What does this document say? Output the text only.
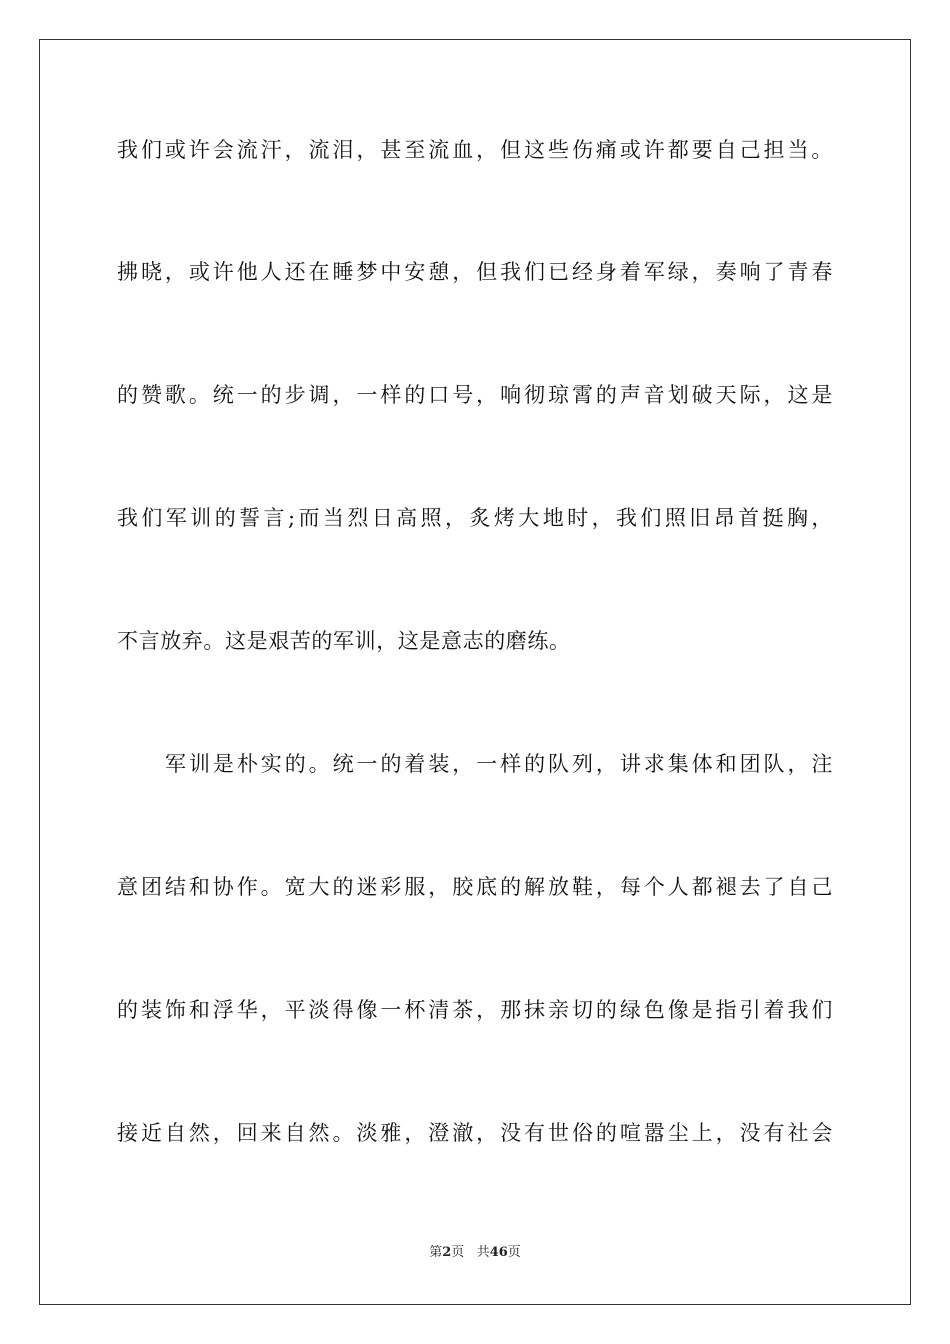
我们或许会流汗，流泪，甚至流血，但这些伤痛或许都要自己担当。
拂晓，或许他人还在睡梦中安憩，但我们已经身着军绿，奏响了青春
的赞歌。统一的步调，一样的口号，响彻琼霄的声音划破天际，这是
我们军训的誓言;而当烈日高照，炙烤大地时，我们照旧昂首挺胸，
不言放弃。这是艰苦的军训，这是意志的磨练。
军训是朴实的。统一的着装，一样的队列，讲求集体和团队，注
意团结和协作。宽大的迷彩服，胶底的解放鞋，每个人都褪去了自己
的装饰和浮华，平淡得像一杯清茶，那抹亲切的绿色像是指引着我们
接近自然，回来自然。淡雅，澄澈，没有世俗的喧嚣尘上，没有社会
第2页 共46页
